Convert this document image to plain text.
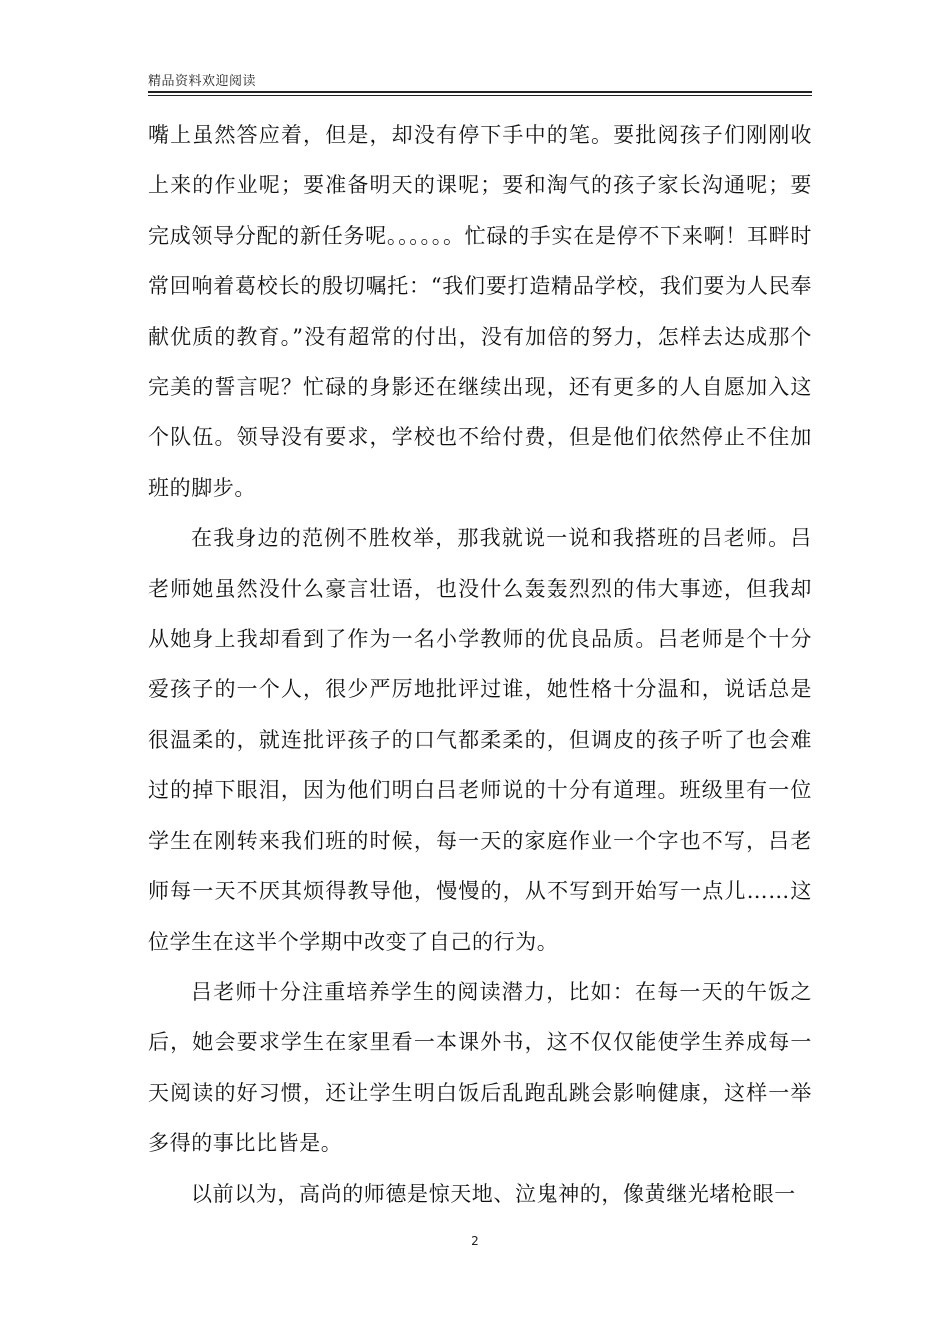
精品资料欢迎阅读

嘴上虽然答应着，但是，却没有停下手中的笔。要批阅孩子们刚刚收上来的作业呢；要准备明天的课呢；要和淘气的孩子家长沟通呢；要完成领导分配的新任务呢。。。。。。忙碌的手实在是停不下来啊！耳畔时常回响着葛校长的殷切嘱托：“我们要打造精品学校，我们要为人民奉献优质的教育。”没有超常的付出，没有加倍的努力，怎样去达成那个完美的誓言呢？忙碌的身影还在继续出现，还有更多的人自愿加入这个队伍。领导没有要求，学校也不给付费，但是他们依然停止不住加班的脚步。

在我身边的范例不胜枚举，那我就说一说和我搭班的吕老师。吕老师她虽然没什么豪言壮语，也没什么轰轰烈烈的伟大事迹，但我却从她身上我却看到了作为一名小学教师的优良品质。吕老师是个十分爱孩子的一个人，很少严厉地批评过谁，她性格十分温和，说话总是很温柔的，就连批评孩子的口气都柔柔的，但调皮的孩子听了也会难过的掉下眼泪，因为他们明白吕老师说的十分有道理。班级里有一位学生在刚转来我们班的时候，每一天的家庭作业一个字也不写，吕老师每一天不厌其烦得教导他，慢慢的，从不写到开始写一点儿……这位学生在这半个学期中改变了自己的行为。

吕老师十分注重培养学生的阅读潜力，比如：在每一天的午饭之后，她会要求学生在家里看一本课外书，这不仅仅能使学生养成每一天阅读的好习惯，还让学生明白饭后乱跑乱跳会影响健康，这样一举多得的事比比皆是。

以前以为，高尚的师德是惊天地、泣鬼神的，像黄继光堵枪眼一

2
